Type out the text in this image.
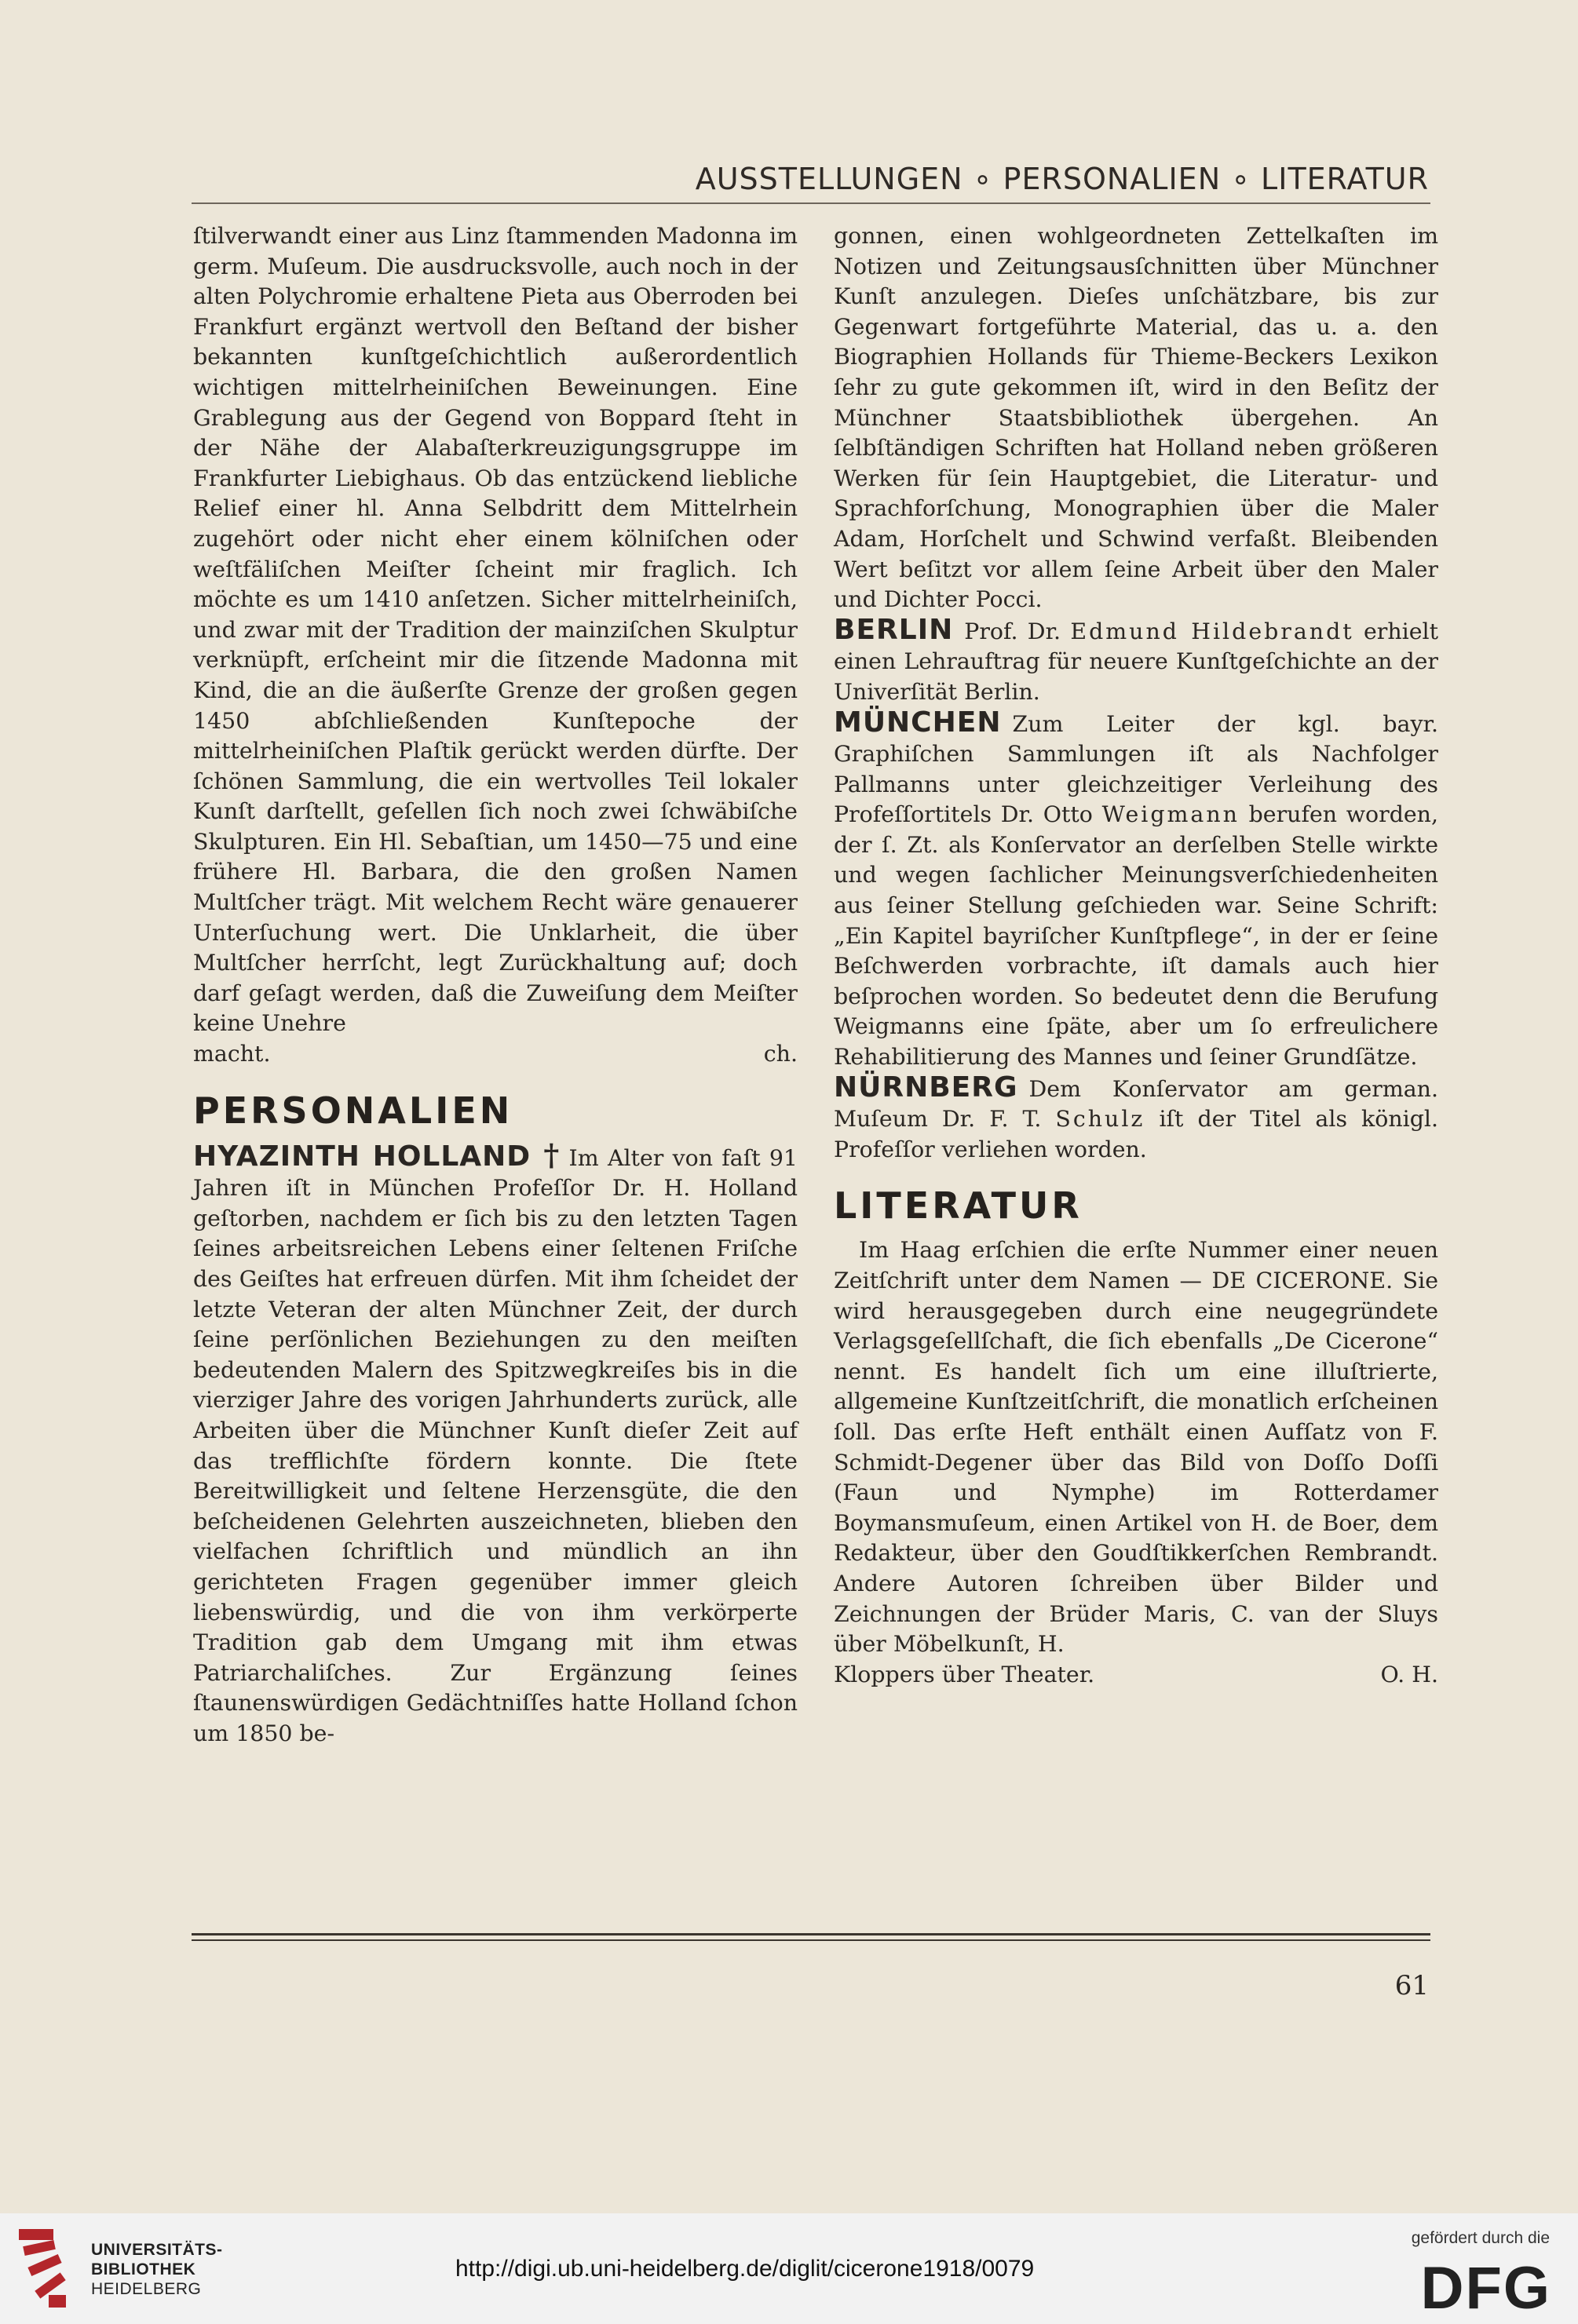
AUSSTELLUNGEN ∘ PERSONALIEN ∘ LITERATUR

ſtilverwandt einer aus Linz ſtammenden Madonna im germ. Muſeum. Die ausdrucksvolle, auch noch in der alten Polychromie erhaltene Pieta aus Oberroden bei Frankfurt ergänzt wertvoll den Beſtand der bisher bekannten kunſtgeſchichtlich außerordentlich wichtigen mittelrheiniſchen Beweinungen. Eine Grablegung aus der Gegend von Boppard ſteht in der Nähe der Alabaſterkreuzigungsgruppe im Frankfurter Liebighaus. Ob das entzückend liebliche Relief einer hl. Anna Selbdritt dem Mittelrhein zugehört oder nicht eher einem kölniſchen oder weſtfäliſchen Meiſter ſcheint mir fraglich. Ich möchte es um 1410 anſetzen. Sicher mittelrheiniſch, und zwar mit der Tradition der mainziſchen Skulptur verknüpft, erſcheint mir die ſitzende Madonna mit Kind, die an die äußerſte Grenze der großen gegen 1450 abſchließenden Kunſtepoche der mittelrheiniſchen Plaſtik gerückt werden dürfte. Der ſchönen Sammlung, die ein wertvolles Teil lokaler Kunſt darſtellt, geſellen ſich noch zwei ſchwäbiſche Skulpturen. Ein Hl. Sebaſtian, um 1450—75 und eine frühere Hl. Barbara, die den großen Namen Multſcher trägt. Mit welchem Recht wäre genauerer Unterſuchung wert. Die Unklarheit, die über Multſcher herrſcht, legt Zurückhaltung auf; doch darf geſagt werden, daß die Zuweiſung dem Meiſter keine Unehre

macht.	ch.

PERSONALIEN

HYAZINTH HOLLAND † Im Alter von faſt 91 Jahren iſt in München Profeſſor Dr. H. Holland geſtorben, nachdem er ſich bis zu den letzten Tagen ſeines arbeitsreichen Lebens einer ſeltenen Friſche des Geiſtes hat erfreuen dürfen. Mit ihm ſcheidet der letzte Veteran der alten Münchner Zeit, der durch ſeine perſönlichen Beziehungen zu den meiſten bedeutenden Malern des Spitzwegkreiſes bis in die vierziger Jahre des vorigen Jahrhunderts zurück, alle Arbeiten über die Münchner Kunſt dieſer Zeit auf das trefflichſte fördern konnte. Die ſtete Bereitwilligkeit und ſeltene Herzensgüte, die den beſcheidenen Gelehrten auszeichneten, blieben den vielfachen ſchriftlich und mündlich an ihn gerichteten Fragen gegenüber immer gleich liebenswürdig, und die von ihm verkörperte Tradition gab dem Umgang mit ihm etwas Patriarchaliſches. Zur Ergänzung ſeines ſtaunenswürdigen Gedächtniſſes hatte Holland ſchon um 1850 be-

gonnen, einen wohlgeordneten Zettelkaſten im Notizen und Zeitungsausſchnitten über Münchner Kunſt anzulegen. Dieſes unſchätzbare, bis zur Gegenwart fortgeführte Material, das u. a. den Biographien Hollands für Thieme-Beckers Lexikon ſehr zu gute gekommen iſt, wird in den Beſitz der Münchner Staatsbibliothek übergehen. An ſelbſtändigen Schriften hat Holland neben größeren Werken für ſein Hauptgebiet, die Literatur- und Sprachforſchung, Monographien über die Maler Adam, Horſchelt und Schwind verfaßt. Bleibenden Wert beſitzt vor allem ſeine Arbeit über den Maler und Dichter Pocci.

BERLIN Prof. Dr. Edmund Hildebrandt erhielt einen Lehrauftrag für neuere Kunſtgeſchichte an der Univerſität Berlin.

MÜNCHEN Zum Leiter der kgl. bayr. Graphiſchen Sammlungen iſt als Nachfolger Pallmanns unter gleichzeitiger Verleihung des Profeſſortitels Dr. Otto Weigmann berufen worden, der ſ. Zt. als Konſervator an derſelben Stelle wirkte und wegen ſachlicher Meinungsverſchiedenheiten aus ſeiner Stellung geſchieden war. Seine Schrift: „Ein Kapitel bayriſcher Kunſtpflege“, in der er ſeine Beſchwerden vorbrachte, iſt damals auch hier beſprochen worden. So bedeutet denn die Berufung Weigmanns eine ſpäte, aber um ſo erfreulichere Rehabilitierung des Mannes und ſeiner Grundſätze.

NÜRNBERG Dem Konſervator am german. Muſeum Dr. F. T. Schulz iſt der Titel als königl. Profeſſor verliehen worden.

LITERATUR

Im Haag erſchien die erſte Nummer einer neuen Zeitſchrift unter dem Namen — DE CICERONE. Sie wird herausgegeben durch eine neugegründete Verlagsgeſellſchaft, die ſich ebenfalls „De Cicerone“ nennt. Es handelt ſich um eine illuſtrierte, allgemeine Kunſtzeitſchrift, die monatlich erſcheinen ſoll. Das erſte Heft enthält einen Aufſatz von F. Schmidt-Degener über das Bild von Doſſo Doſſi (Faun und Nymphe) im Rotterdamer Boymansmuſeum, einen Artikel von H. de Boer, dem Redakteur, über den Goudſtikkerſchen Rembrandt. Andere Autoren ſchreiben über Bilder und Zeichnungen der Brüder Maris, C. van der Sluys über Möbelkunſt, H.

Kloppers über Theater.	O. H.

61
UNIVERSITÄTS-
BIBLIOTHEK
HEIDELBERG
http://digi.ub.uni-heidelberg.de/diglit/cicerone1918/0079
gefördert durch die
DFG
